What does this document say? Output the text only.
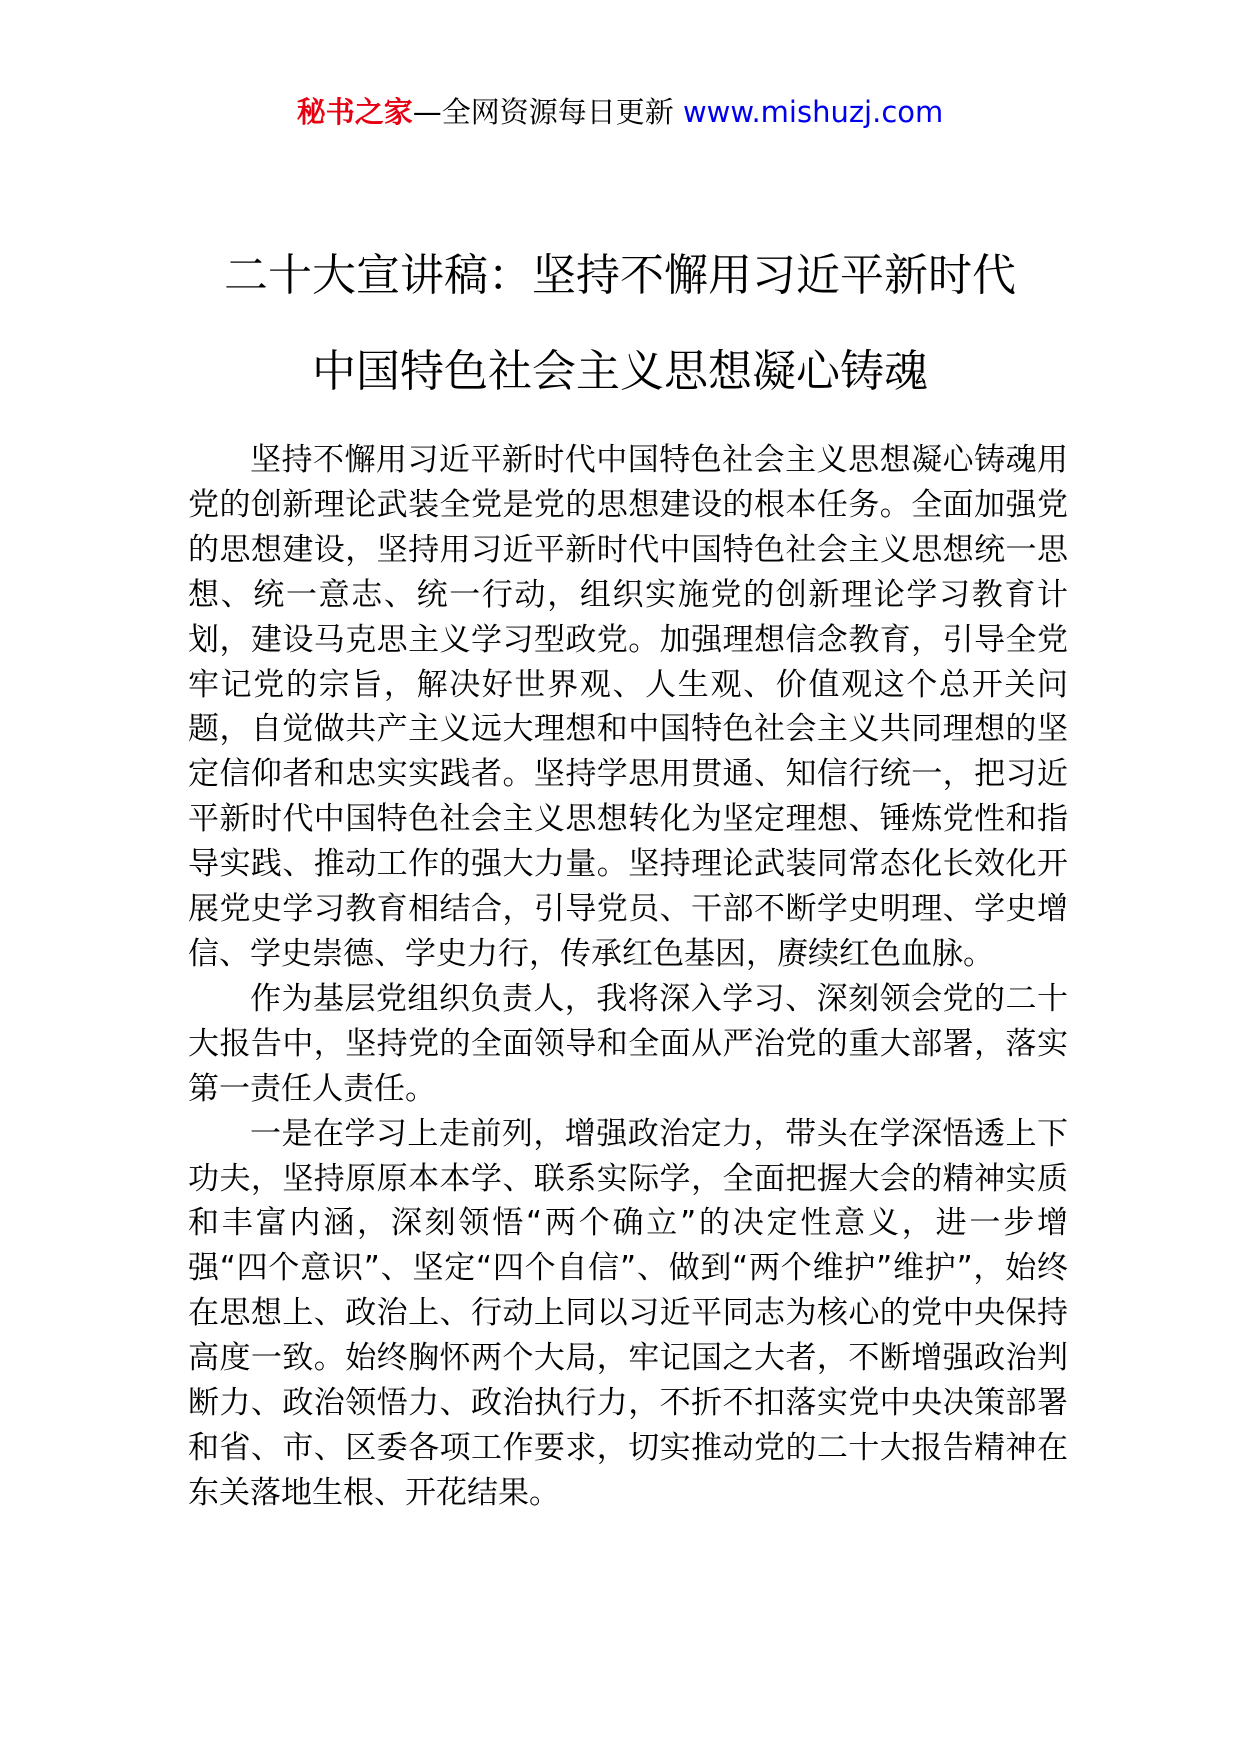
秘书之家—全网资源每日更新 www.mishuzj.com
二十大宣讲稿：坚持不懈用习近平新时代
中国特色社会主义思想凝心铸魂

坚持不懈用习近平新时代中国特色社会主义思想凝心铸魂用党的创新理论武装全党是党的思想建设的根本任务。全面加强党的思想建设，坚持用习近平新时代中国特色社会主义思想统一思想、统一意志、统一行动，组织实施党的创新理论学习教育计划，建设马克思主义学习型政党。加强理想信念教育，引导全党牢记党的宗旨，解决好世界观、人生观、价值观这个总开关问题，自觉做共产主义远大理想和中国特色社会主义共同理想的坚定信仰者和忠实实践者。坚持学思用贯通、知信行统一，把习近平新时代中国特色社会主义思想转化为坚定理想、锤炼党性和指导实践、推动工作的强大力量。坚持理论武装同常态化长效化开展党史学习教育相结合，引导党员、干部不断学史明理、学史增信、学史崇德、学史力行，传承红色基因，赓续红色血脉。

作为基层党组织负责人，我将深入学习、深刻领会党的二十大报告中，坚持党的全面领导和全面从严治党的重大部署，落实第一责任人责任。

一是在学习上走前列，增强政治定力，带头在学深悟透上下功夫，坚持原原本本学、联系实际学，全面把握大会的精神实质和丰富内涵，深刻领悟“两个确立”的决定性意义，进一步增强“四个意识”、坚定“四个自信”、做到“两个维护”维护”，始终在思想上、政治上、行动上同以习近平同志为核心的党中央保持高度一致。始终胸怀两个大局，牢记国之大者，不断增强政治判断力、政治领悟力、政治执行力，不折不扣落实党中央决策部署和省、市、区委各项工作要求，切实推动党的二十大报告精神在东关落地生根、开花结果。
